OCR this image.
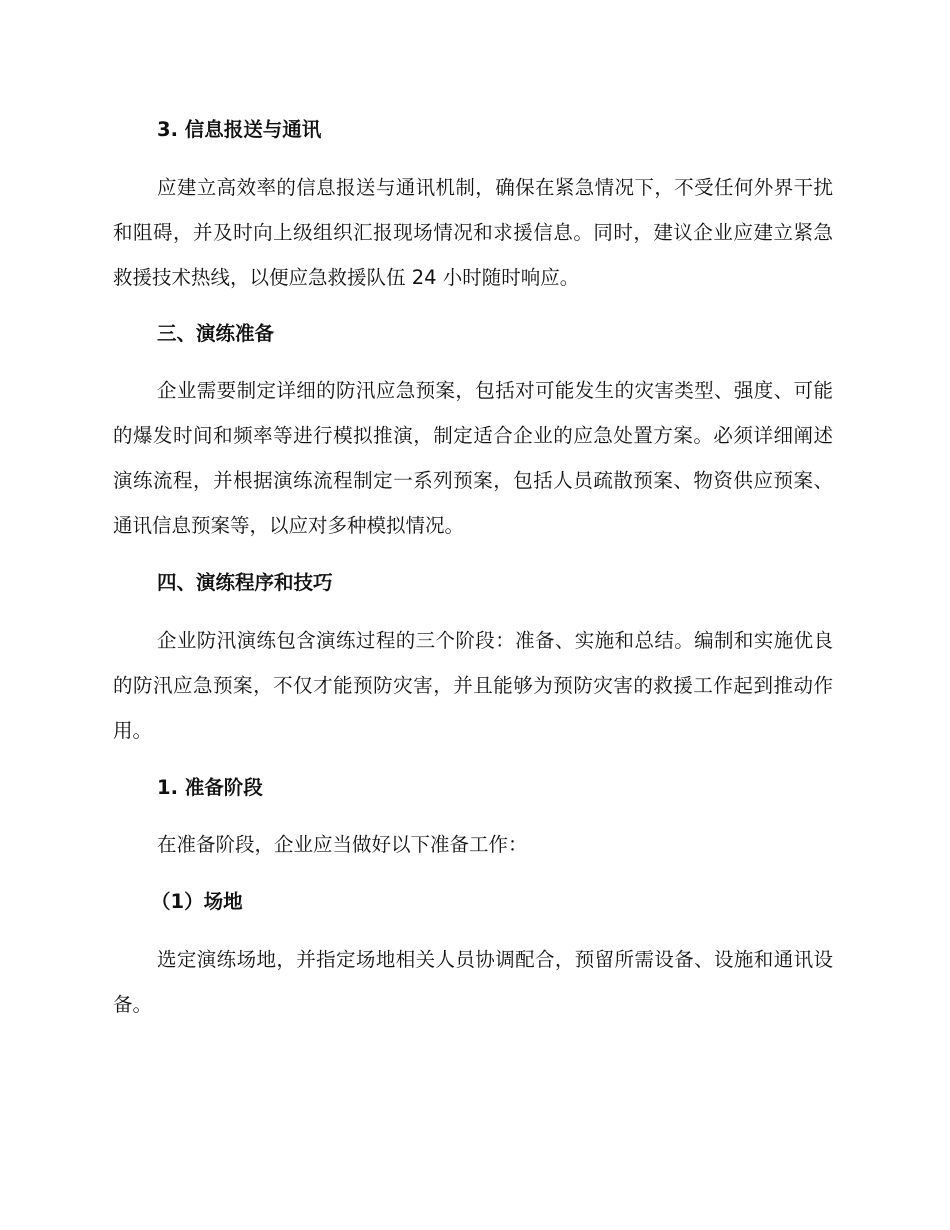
3. 信息报送与通讯

应建立高效率的信息报送与通讯机制，确保在紧急情况下，不受任何外界干扰和阻碍，并及时向上级组织汇报现场情况和求援信息。同时，建议企业应建立紧急救援技术热线，以便应急救援队伍 24 小时随时响应。

三、演练准备

企业需要制定详细的防汛应急预案，包括对可能发生的灾害类型、强度、可能的爆发时间和频率等进行模拟推演，制定适合企业的应急处置方案。必须详细阐述演练流程，并根据演练流程制定一系列预案，包括人员疏散预案、物资供应预案、通讯信息预案等，以应对多种模拟情况。

四、演练程序和技巧

企业防汛演练包含演练过程的三个阶段：准备、实施和总结。编制和实施优良的防汛应急预案，不仅才能预防灾害，并且能够为预防灾害的救援工作起到推动作用。

1. 准备阶段

在准备阶段，企业应当做好以下准备工作：

（1）场地

选定演练场地，并指定场地相关人员协调配合，预留所需设备、设施和通讯设备。
